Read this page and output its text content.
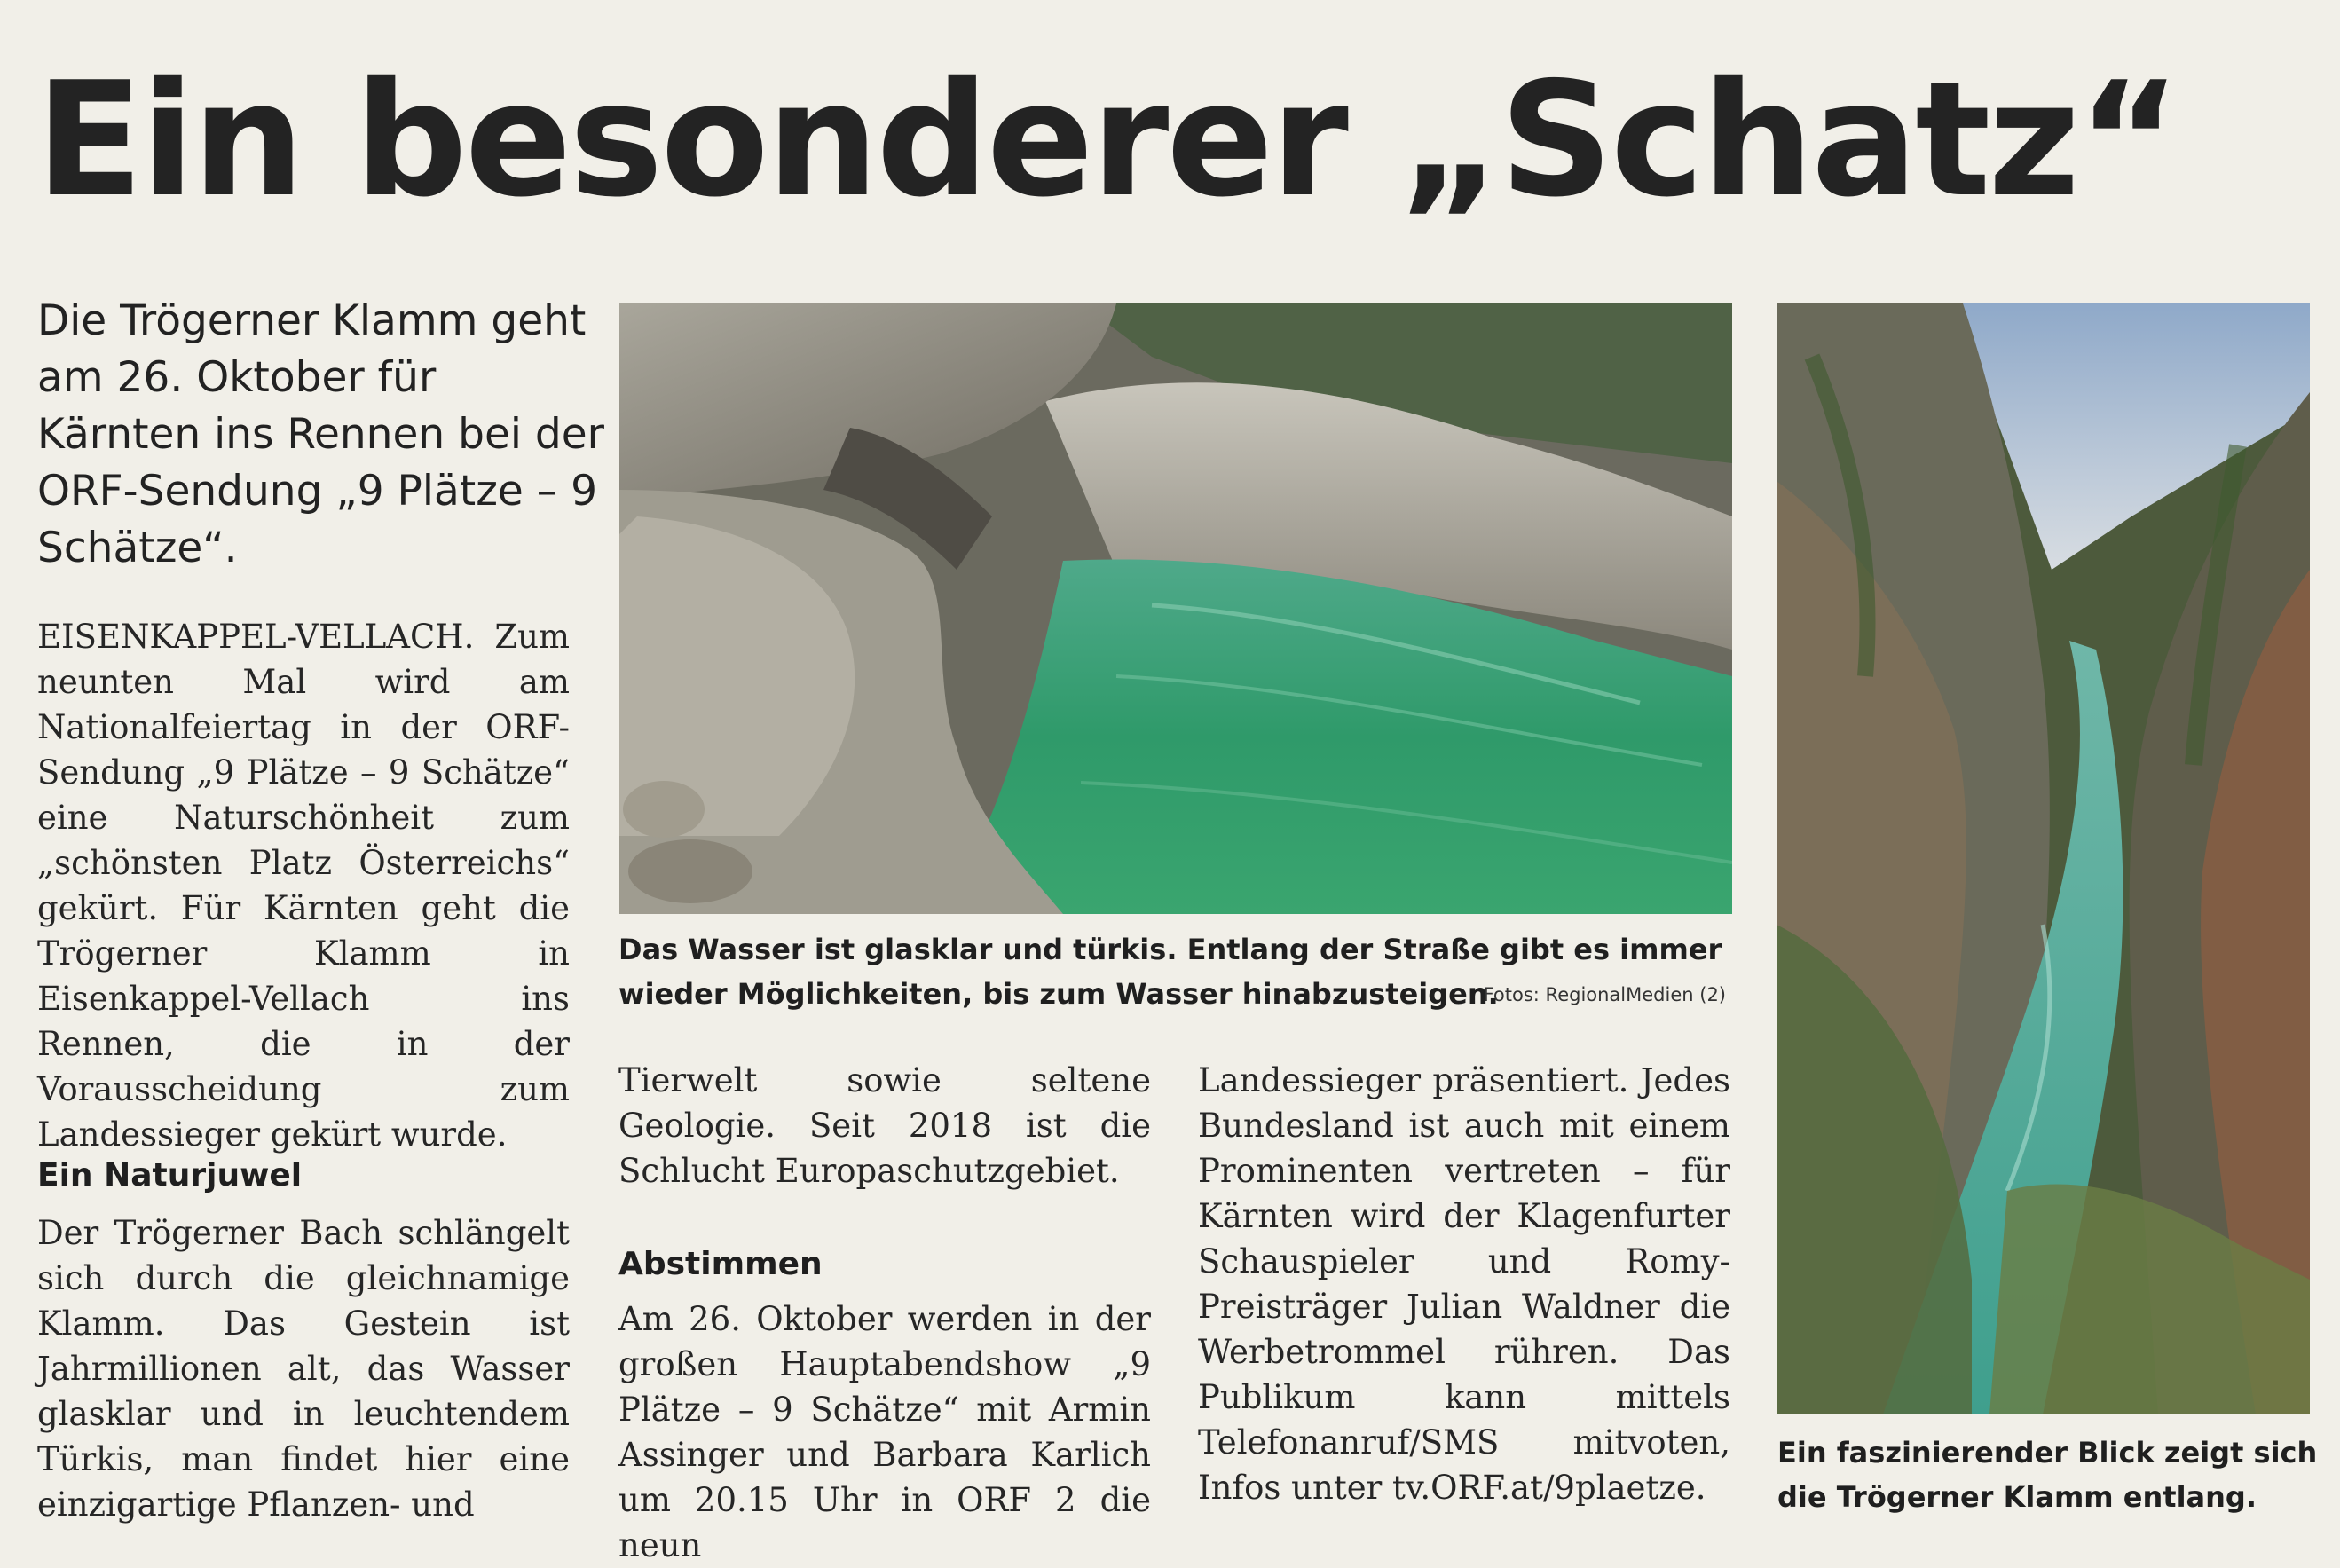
Ein besonderer „Schatz“
Die Trögerner Klamm geht am 26. Oktober für Kärnten ins Rennen bei der ORF-Sendung „9 Plätze – 9 Schätze“.

EISENKAPPEL-VELLACH. Zum neunten Mal wird am Nationalfeiertag in der ORF-Sendung „9 Plätze – 9 Schätze“ eine Naturschönheit zum „schönsten Platz Österreichs“ gekürt. Für Kärnten geht die Trögerner Klamm in Eisenkappel-Vellach ins Rennen, die in der Vorausscheidung zum Landessieger gekürt wurde.

Ein Naturjuwel

Der Trögerner Bach schlängelt sich durch die gleichnamige Klamm. Das Gestein ist Jahrmillionen alt, das Wasser glasklar und in leuchtendem Türkis, man findet hier eine einzigartige Pflanzen- und

Tierwelt sowie seltene Geologie. Seit 2018 ist die Schlucht Europaschutzgebiet.

Am 26. Oktober werden in der großen Hauptabendshow „9 Plätze – 9 Schätze“ mit Armin Assinger und Barbara Karlich um 20.15 Uhr in ORF 2 die neun

Abstimmen

Landessieger präsentiert. Jedes Bundesland ist auch mit einem Prominenten vertreten – für Kärnten wird der Klagenfurter Schauspieler und Romy-Preisträger Julian Waldner die Werbetrommel rühren. Das Publikum kann mittels Telefonanruf/SMS mitvoten, Infos unter tv.ORF.at/9plaetze.

Das Wasser ist glasklar und türkis. Entlang der Straße gibt es immer wieder Möglichkeiten, bis zum Wasser hinabzusteigen.
Fotos: RegionalMedien (2)
Ein faszinierender Blick zeigt sich die Trögerner Klamm entlang.
